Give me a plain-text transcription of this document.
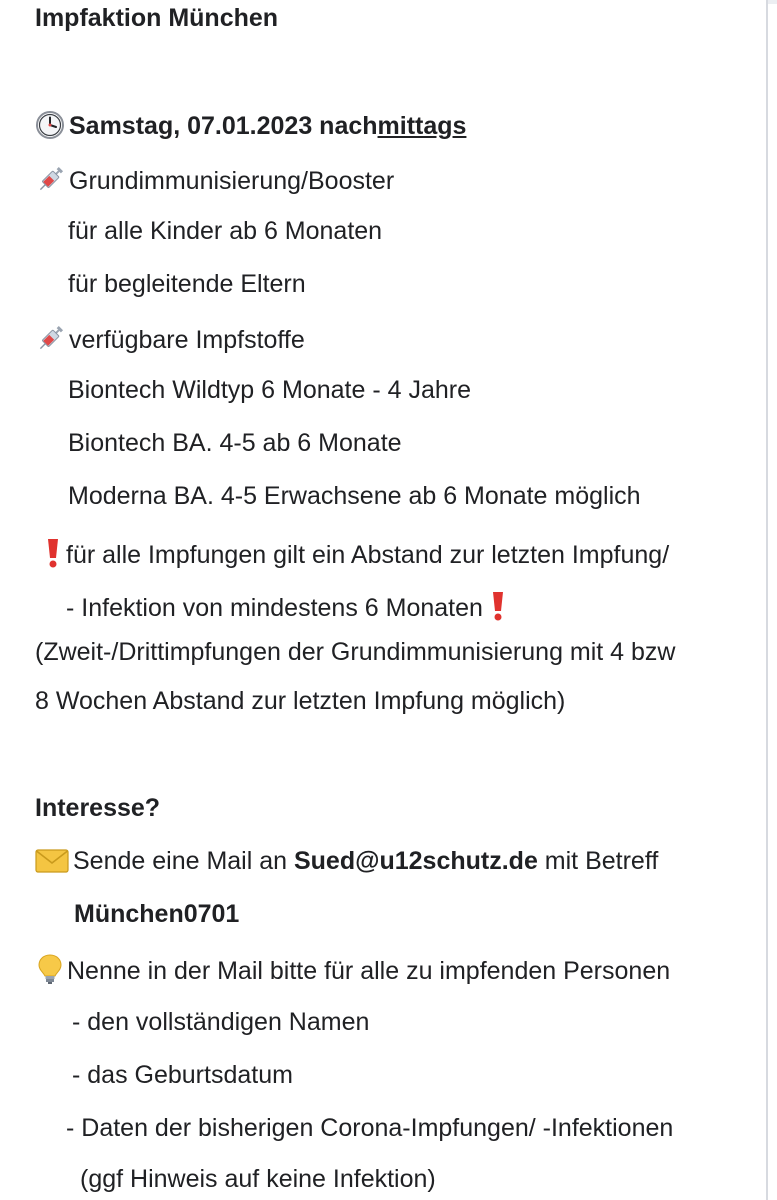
Impfaktion München
Samstag, 07.01.2023 nachmittags
Grundimmunisierung/Booster
für alle Kinder ab 6 Monaten
für begleitende Eltern
verfügbare Impfstoffe
Biontech Wildtyp 6 Monate - 4 Jahre
Biontech BA. 4-5 ab 6 Monate
Moderna BA. 4-5 Erwachsene ab 6 Monate möglich
für alle Impfungen gilt ein Abstand zur letzten Impfung/
- Infektion von mindestens 6 Monaten
(Zweit-/Drittimpfungen der Grundimmunisierung mit 4 bzw
8 Wochen Abstand zur letzten Impfung möglich)
Interesse?
Sende eine Mail an Sued@u12schutz.de mit Betreff
München0701
Nenne in der Mail bitte für alle zu impfenden Personen
- den vollständigen Namen
- das Geburtsdatum
- Daten der bisherigen Corona-Impfungen/ -Infektionen
(ggf Hinweis auf keine Infektion)
